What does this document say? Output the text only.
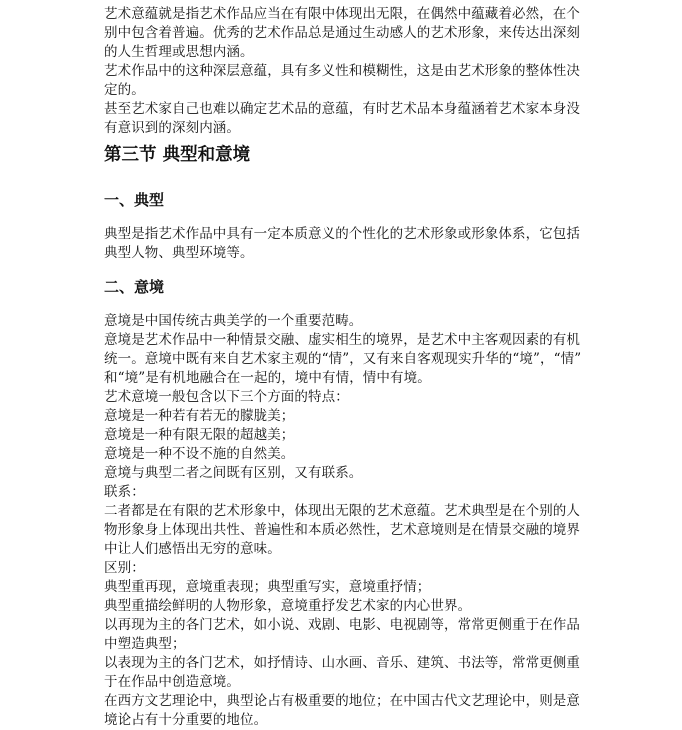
艺术意蕴就是指艺术作品应当在有限中体现出无限，在偶然中蕴藏着必然，在个
别中包含着普遍。优秀的艺术作品总是通过生动感人的艺术形象，来传达出深刻
的人生哲理或思想内涵。
艺术作品中的这种深层意蕴，具有多义性和模糊性，这是由艺术形象的整体性决
定的。
甚至艺术家自己也难以确定艺术品的意蕴，有时艺术品本身蕴涵着艺术家本身没
有意识到的深刻内涵。
第三节 典型和意境
一、典型
典型是指艺术作品中具有一定本质意义的个性化的艺术形象或形象体系，它包括
典型人物、典型环境等。
二、意境
意境是中国传统古典美学的一个重要范畴。
意境是艺术作品中一种情景交融、虚实相生的境界，是艺术中主客观因素的有机
统一。意境中既有来自艺术家主观的“情”，又有来自客观现实升华的“境”，“情”
和“境”是有机地融合在一起的，境中有情，情中有境。
艺术意境一般包含以下三个方面的特点：
意境是一种若有若无的朦胧美；
意境是一种有限无限的超越美；
意境是一种不设不施的自然美。
意境与典型二者之间既有区别，又有联系。
联系：
二者都是在有限的艺术形象中，体现出无限的艺术意蕴。艺术典型是在个别的人
物形象身上体现出共性、普遍性和本质必然性，艺术意境则是在情景交融的境界
中让人们感悟出无穷的意味。
区别：
典型重再现，意境重表现；典型重写实，意境重抒情；
典型重描绘鲜明的人物形象，意境重抒发艺术家的内心世界。
以再现为主的各门艺术，如小说、戏剧、电影、电视剧等，常常更侧重于在作品
中塑造典型；
以表现为主的各门艺术，如抒情诗、山水画、音乐、建筑、书法等，常常更侧重
于在作品中创造意境。
在西方文艺理论中，典型论占有极重要的地位；在中国古代文艺理论中，则是意
境论占有十分重要的地位。
